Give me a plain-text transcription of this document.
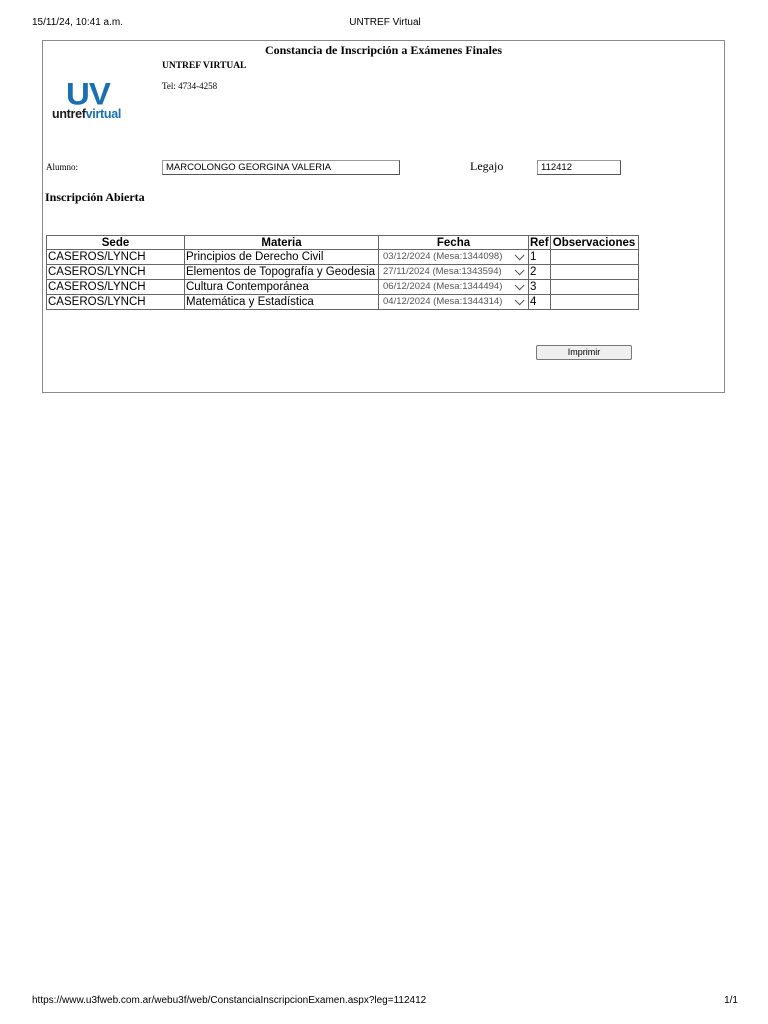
15/11/24, 10:41 a.m.	UNTREF Virtual
Constancia de Inscripción a Exámenes Finales
UNTREF VIRTUAL
Tel: 4734-4258
UV
untrefvirtual
Alumno:	MARCOLONGO GEORGINA VALERIA	Legajo	112412
Inscripción Abierta
Sede	Materia	Fecha	Ref	Observaciones
CASEROS/LYNCH	Principios de Derecho Civil	03/12/2024 (Mesa:1344098)	1	
CASEROS/LYNCH	Elementos de Topografía y Geodesia	27/11/2024 (Mesa:1343594)	2	
CASEROS/LYNCH	Cultura Contemporánea	06/12/2024 (Mesa:1344494)	3	
CASEROS/LYNCH	Matemática y Estadística	04/12/2024 (Mesa:1344314)	4	
Imprimir
https://www.u3fweb.com.ar/webu3f/web/ConstanciaInscripcionExamen.aspx?leg=112412	1/1
